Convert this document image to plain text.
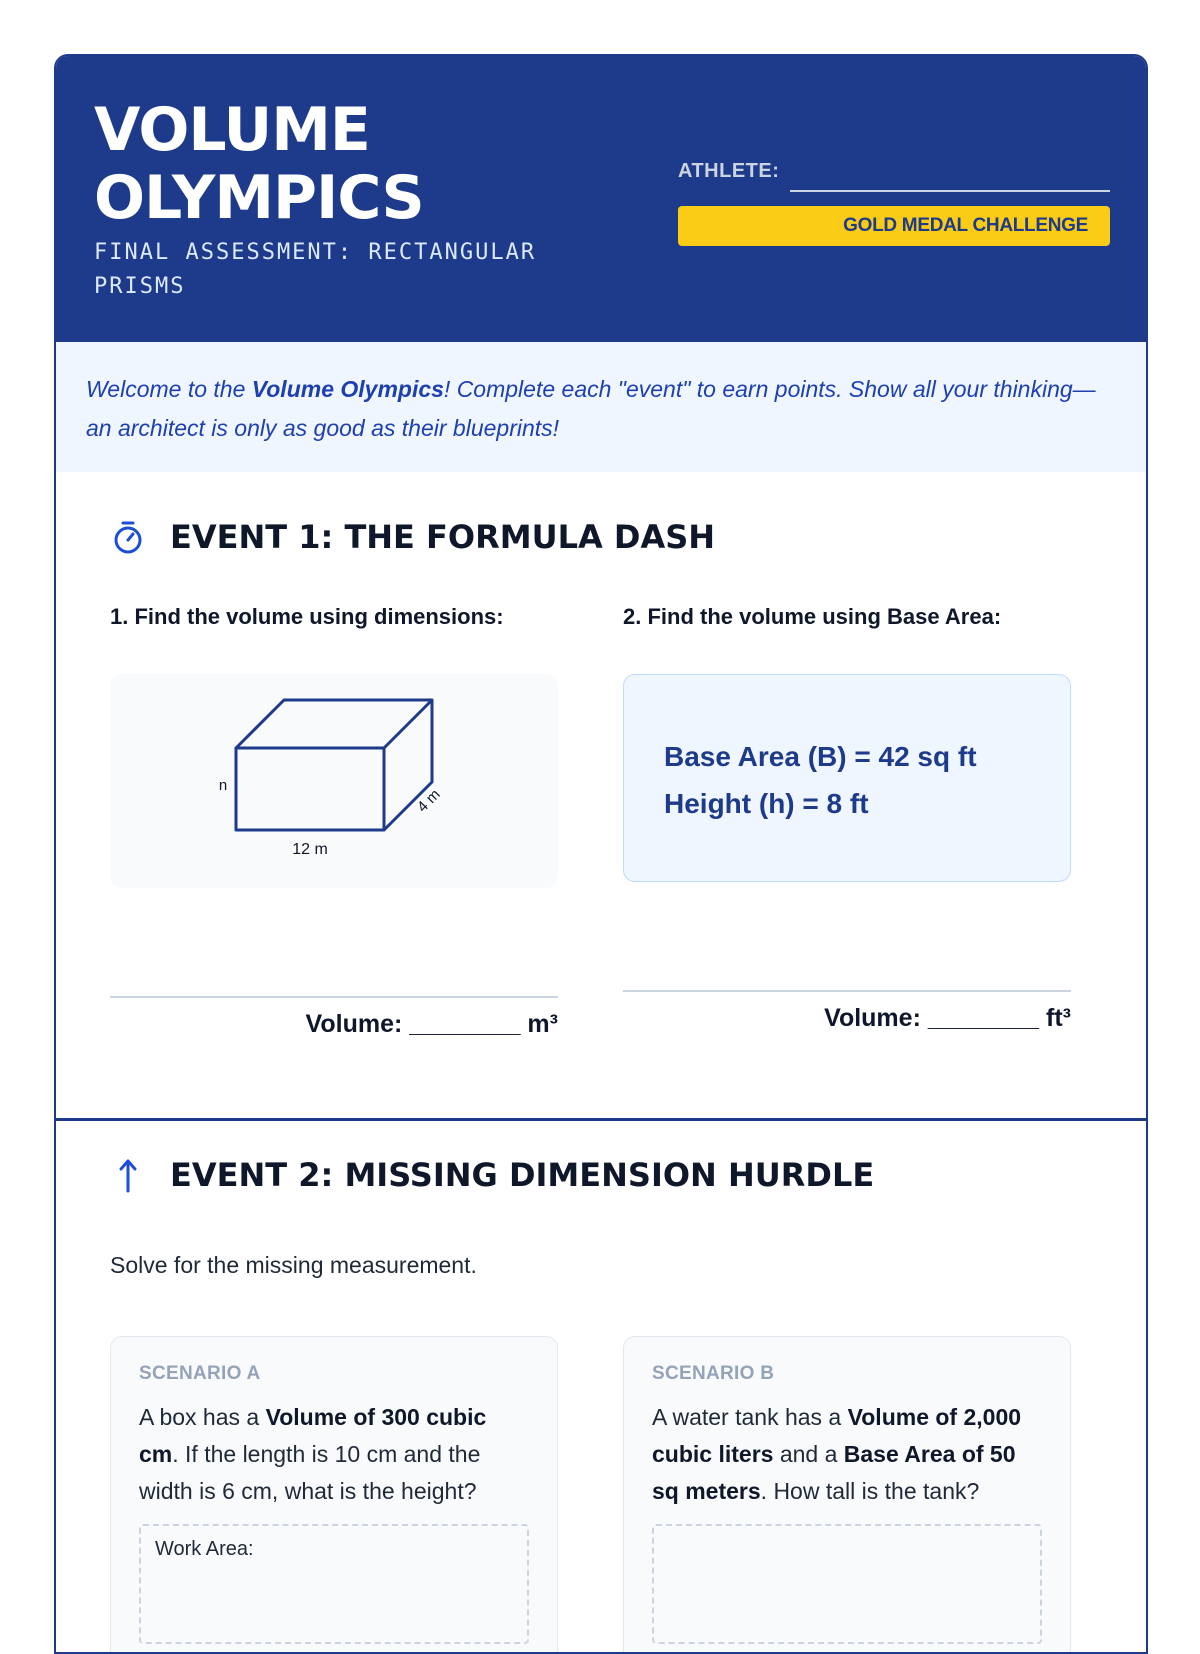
VOLUME
OLYMPICS
FINAL ASSESSMENT: RECTANGULAR PRISMS
ATHLETE:
GOLD MEDAL CHALLENGE
Welcome to the Volume Olympics! Complete each "event" to earn points. Show all your thinking—an architect is only as good as their blueprints!
EVENT 1: THE FORMULA DASH
1. Find the volume using dimensions:	2. Find the volume using Base Area:
n
12 m
4 m
Base Area (B) = 42 sq ft
Height (h) = 8 ft
Volume: ________ m³	Volume: ________ ft³
EVENT 2: MISSING DIMENSION HURDLE
Solve for the missing measurement.
SCENARIO A
A box has a Volume of 300 cubic cm. If the length is 10 cm and the width is 6 cm, what is the height?
Work Area:
SCENARIO B
A water tank has a Volume of 2,000 cubic liters and a Base Area of 50 sq meters. How tall is the tank?
